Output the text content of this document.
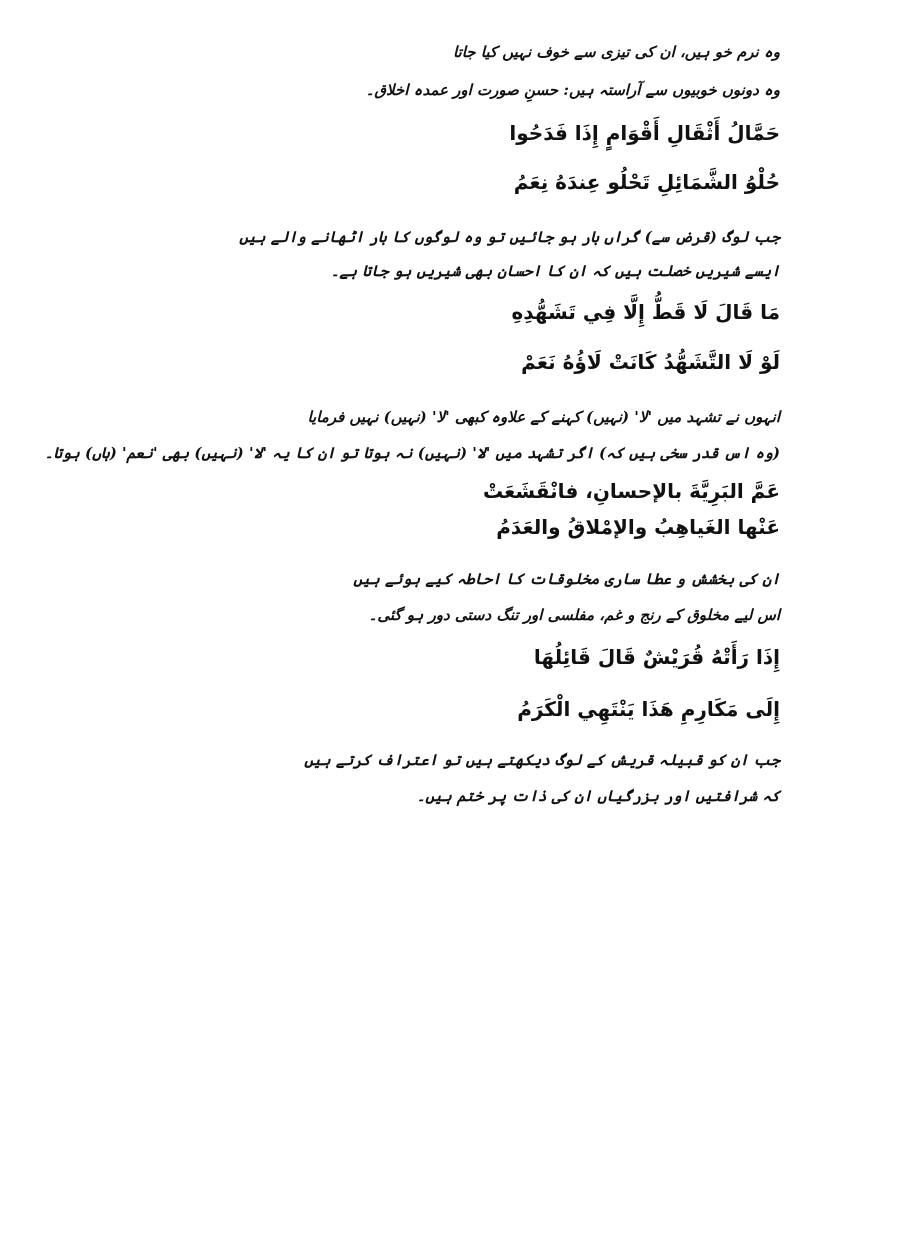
وہ نرم خو ہیں، ان کی تیزی سے خوف نہیں کیا جاتا
وہ دونوں خوبیوں سے آراستہ ہیں: حسنِ صورت اور عمدہ اخلاق۔
حَمَّالُ أَثْقَالِ أَقْوَامٍ إِذَا فَدَحُوا
حُلْوُ الشَّمَائِلِ تَحْلُو عِندَهُ نِعَمُ
جب لوگ (قرض سے) گراں بار ہو جائیں تو وہ لوگوں کا بار اٹھانے والے ہیں
ایسے شیریں خصلت ہیں کہ ان کا احسان بھی شیریں ہو جاتا ہے۔
مَا قَالَ لَا قَطُّ إِلَّا فِي تَشَهُّدِهِ
لَوْ لَا التَّشَهُّدُ كَانَتْ لَاؤُهُ نَعَمْ
انہوں نے تشہد میں 'لا' (نہیں) کہنے کے علاوہ کبھی 'لا' (نہیں) نہیں فرمایا
(وہ اس قدر سخی ہیں کہ) اگر تشہد میں 'لا' (نہیں) نہ ہوتا تو ان کا یہ 'لا' (نہیں) بھی 'نعم' (ہاں) ہوتا۔
عَمَّ البَرِيَّةَ بالإحسانِ، فانْقَشَعَتْ
عَنْها الغَياهِبُ والإمْلاقُ والعَدَمُ
ان کی بخشش و عطا ساری مخلوقات کا احاطہ کیے ہوئے ہیں
اس لیے مخلوق کے رنج و غم، مفلسی اور تنگ دستی دور ہو گئی۔
إِذَا رَأَتْهُ قُرَيْشٌ قَالَ قَائِلُهَا
إِلَى مَكَارِمِ هَذَا يَنْتَهِي الْكَرَمُ
جب ان کو قبیلہ قریش کے لوگ دیکھتے ہیں تو اعتراف کرتے ہیں
کہ شرافتیں اور بزرگیاں ان کی ذات پر ختم ہیں۔
